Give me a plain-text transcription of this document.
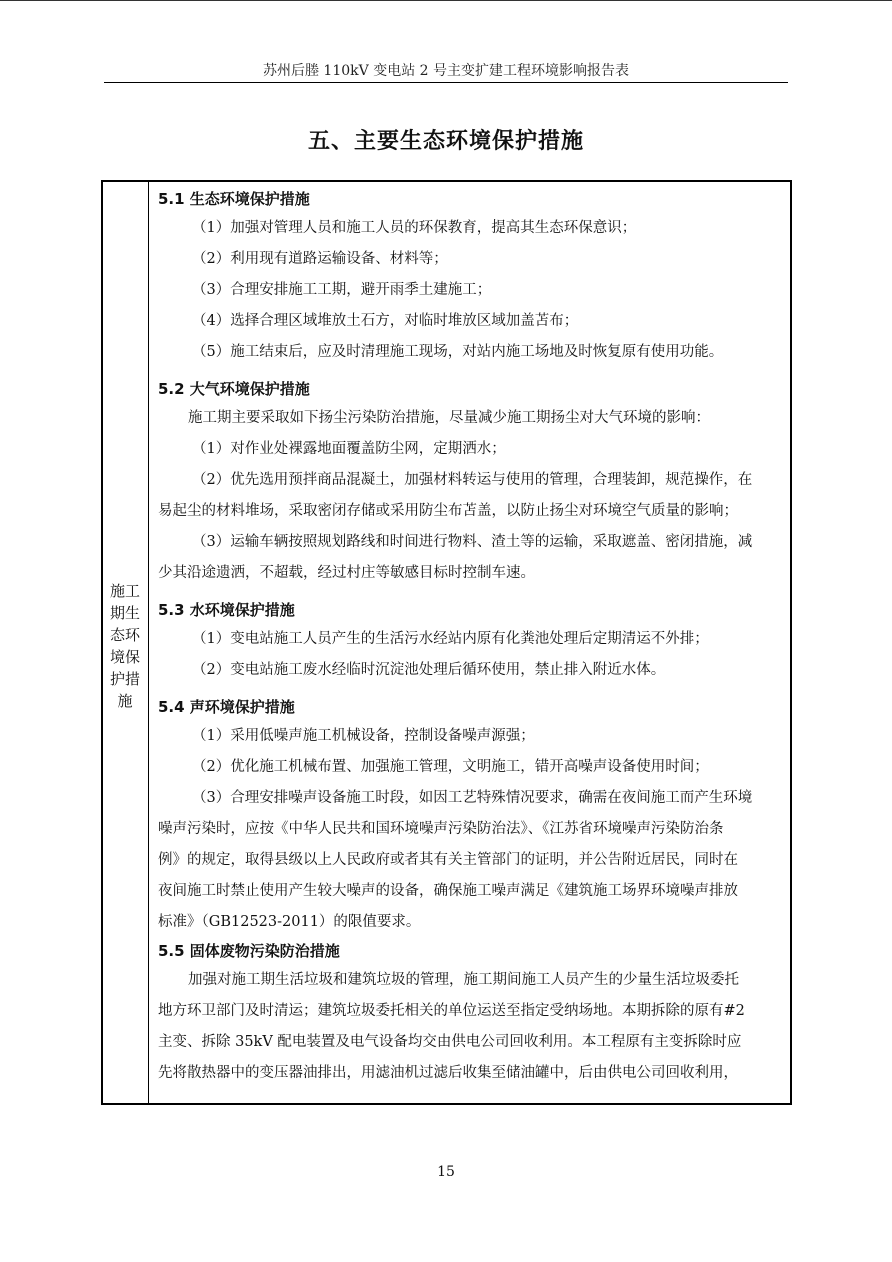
苏州后塍 110kV 变电站 2 号主变扩建工程环境影响报告表
五、主要生态环境保护措施
施工
期生
态环
境保
护措
施
5.1 生态环境保护措施
（1）加强对管理人员和施工人员的环保教育，提高其生态环保意识；
（2）利用现有道路运输设备、材料等；
（3）合理安排施工工期，避开雨季土建施工；
（4）选择合理区域堆放土石方，对临时堆放区域加盖苫布；
（5）施工结束后，应及时清理施工现场，对站内施工场地及时恢复原有使用功能。
5.2 大气环境保护措施
施工期主要采取如下扬尘污染防治措施，尽量减少施工期扬尘对大气环境的影响：
（1）对作业处裸露地面覆盖防尘网，定期洒水；
（2）优先选用预拌商品混凝土，加强材料转运与使用的管理，合理装卸，规范操作，在
易起尘的材料堆场，采取密闭存储或采用防尘布苫盖，以防止扬尘对环境空气质量的影响；
（3）运输车辆按照规划路线和时间进行物料、渣土等的运输，采取遮盖、密闭措施，减
少其沿途遗洒，不超载，经过村庄等敏感目标时控制车速。
5.3 水环境保护措施
（1）变电站施工人员产生的生活污水经站内原有化粪池处理后定期清运不外排；
（2）变电站施工废水经临时沉淀池处理后循环使用，禁止排入附近水体。
5.4 声环境保护措施
（1）采用低噪声施工机械设备，控制设备噪声源强；
（2）优化施工机械布置、加强施工管理，文明施工，错开高噪声设备使用时间；
（3）合理安排噪声设备施工时段，如因工艺特殊情况要求，确需在夜间施工而产生环境
噪声污染时，应按《中华人民共和国环境噪声污染防治法》、《江苏省环境噪声污染防治条
例》的规定，取得县级以上人民政府或者其有关主管部门的证明，并公告附近居民，同时在
夜间施工时禁止使用产生较大噪声的设备，确保施工噪声满足《建筑施工场界环境噪声排放
标准》（GB12523-2011）的限值要求。
5.5 固体废物污染防治措施
加强对施工期生活垃圾和建筑垃圾的管理，施工期间施工人员产生的少量生活垃圾委托
地方环卫部门及时清运；建筑垃圾委托相关的单位运送至指定受纳场地。本期拆除的原有#2
主变、拆除 35kV 配电装置及电气设备均交由供电公司回收利用。本工程原有主变拆除时应
先将散热器中的变压器油排出，用滤油机过滤后收集至储油罐中，后由供电公司回收利用，
15
